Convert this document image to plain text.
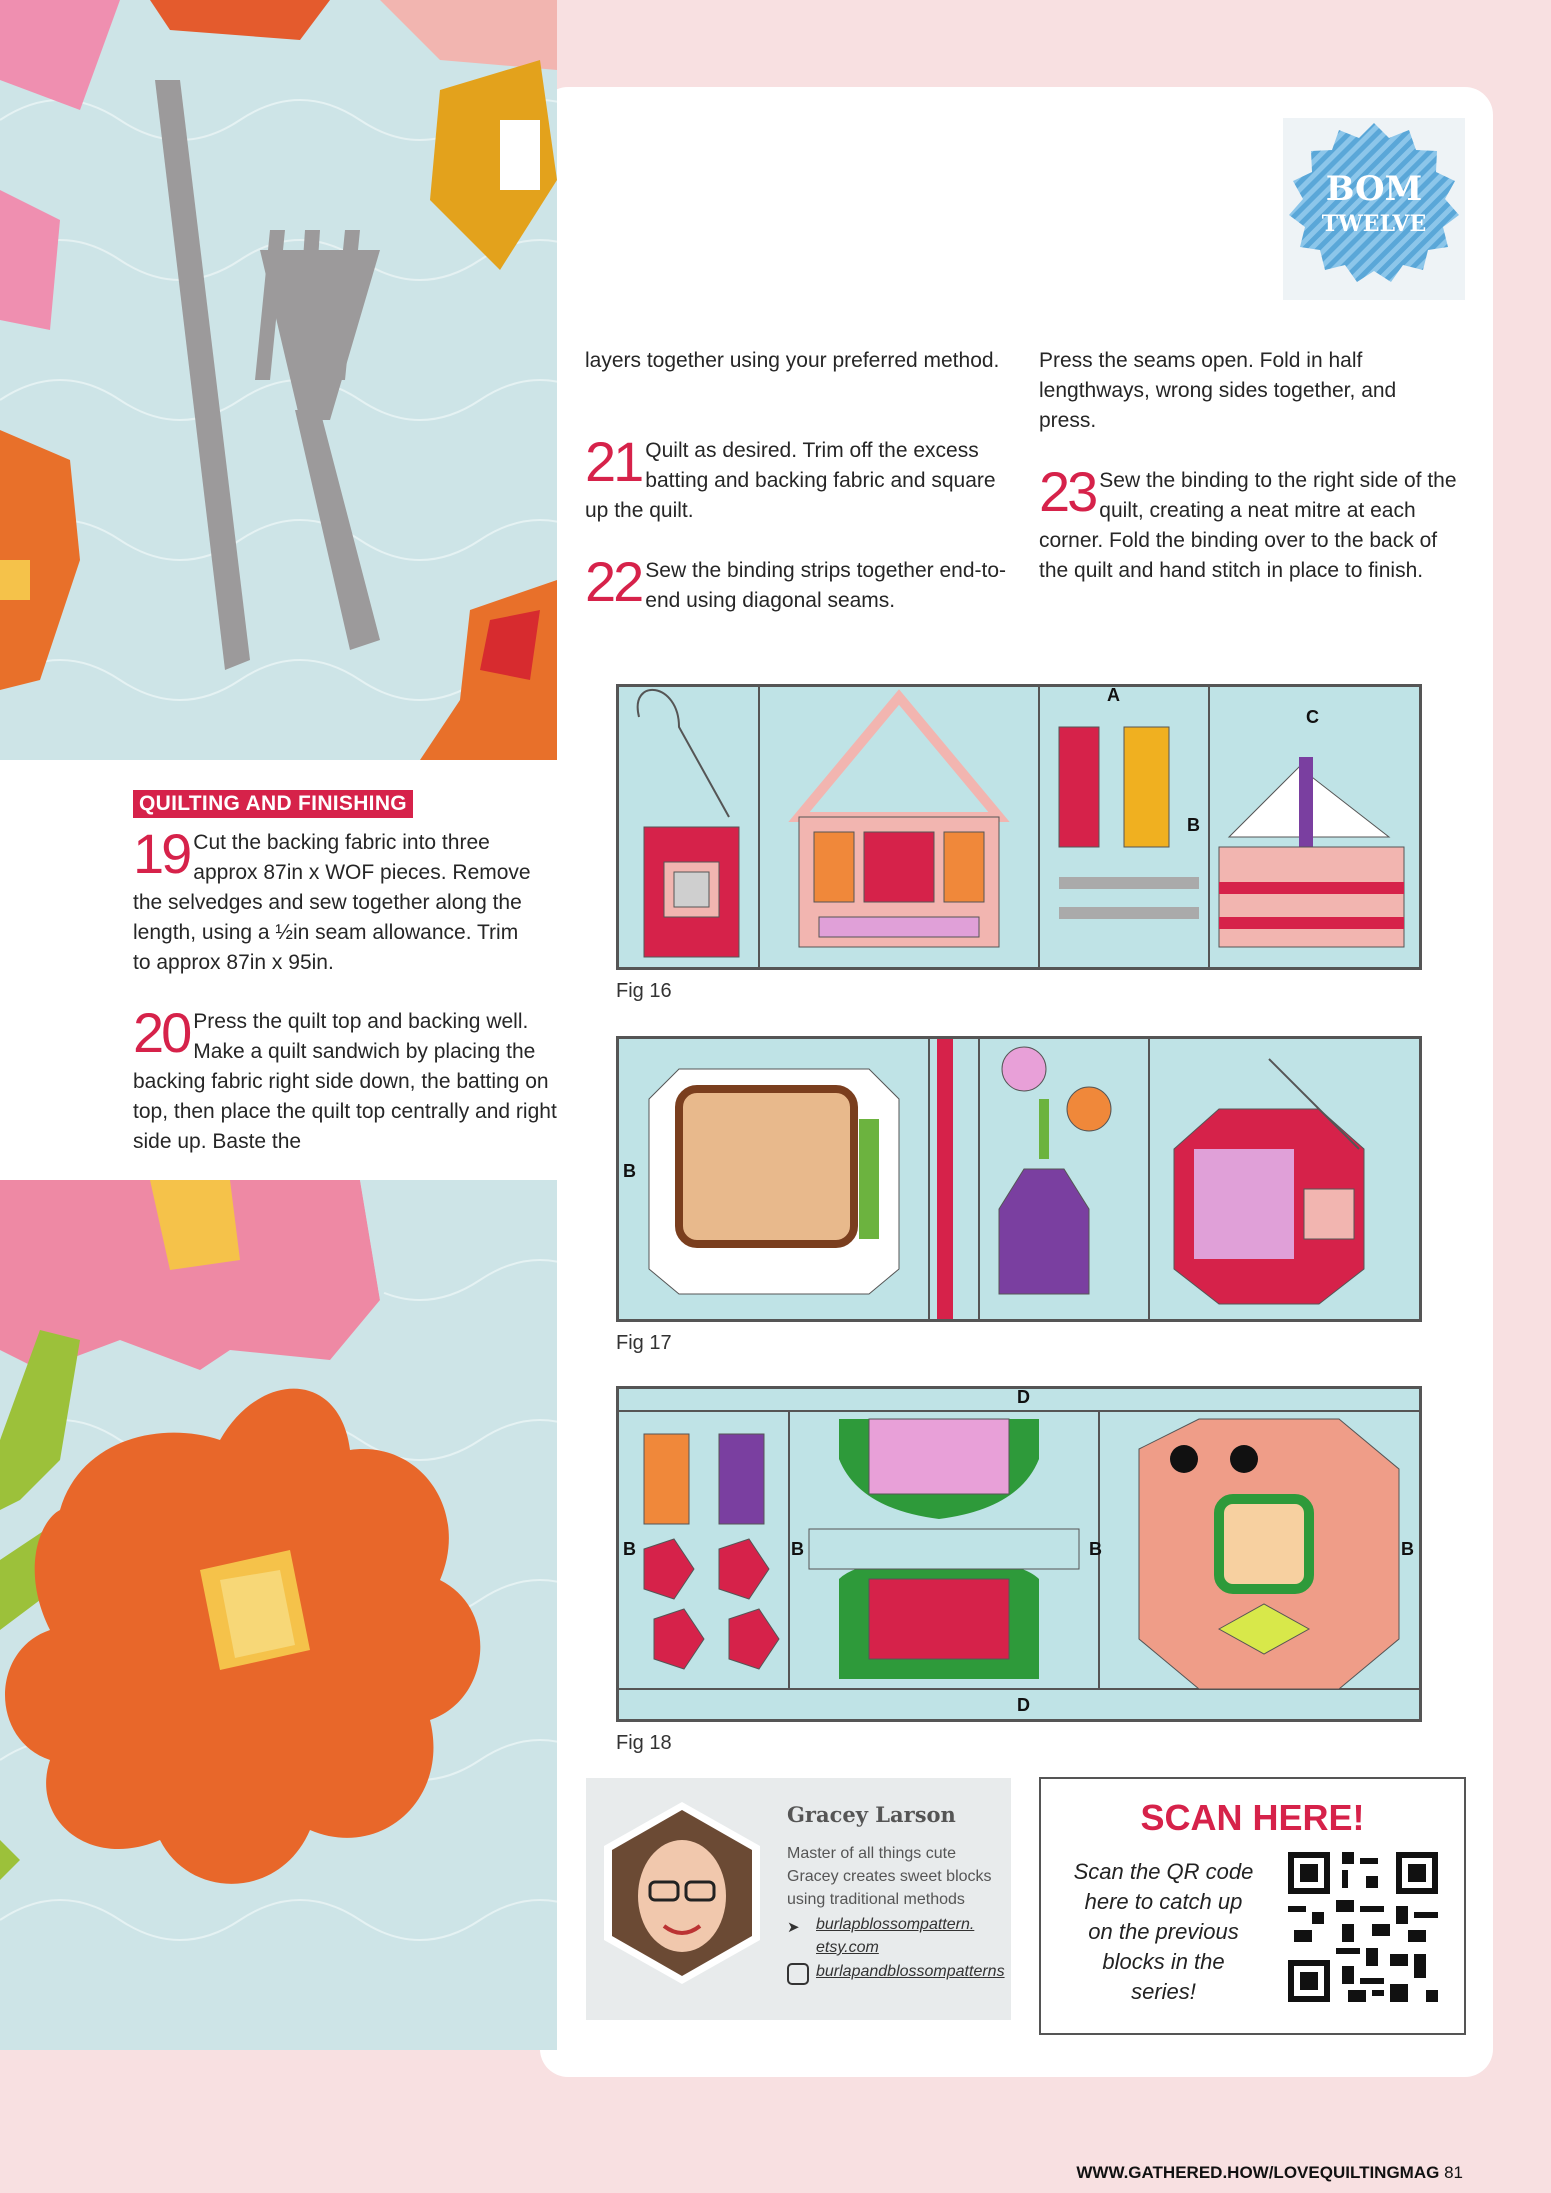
QUILTING AND FINISHING
19 Cut the backing fabric into three approx 87in x WOF pieces. Remove the selvedges and sew together along the length, using a ½in seam allowance. Trim to approx 87in x 95in.
20 Press the quilt top and backing well. Make a quilt sandwich by placing the backing fabric right side down, the batting on top, then place the quilt top centrally and right side up. Baste the
BOM
TWELVE
layers together using your preferred method.
21 Quilt as desired. Trim off the excess batting and backing fabric and square up the quilt.
22 Sew the binding strips together end-to-end using diagonal seams.
Press the seams open. Fold in half lengthways, wrong sides together, and press.
23 Sew the binding to the right side of the quilt, creating a neat mitre at each corner. Fold the binding over to the back of the quilt and hand stitch in place to finish.
A
B
C
Fig 16
B
Fig 17
D
B	B	B	B
D
Fig 18
Gracey Larson
Master of all things cute Gracey creates sweet blocks using traditional methods
➤ burlapblossompattern.
etsy.com
burlapandblossompatterns
SCAN HERE!
Scan the QR code here to catch up on the previous blocks in the series!
WWW.GATHERED.HOW/LOVEQUILTINGMAG 81
